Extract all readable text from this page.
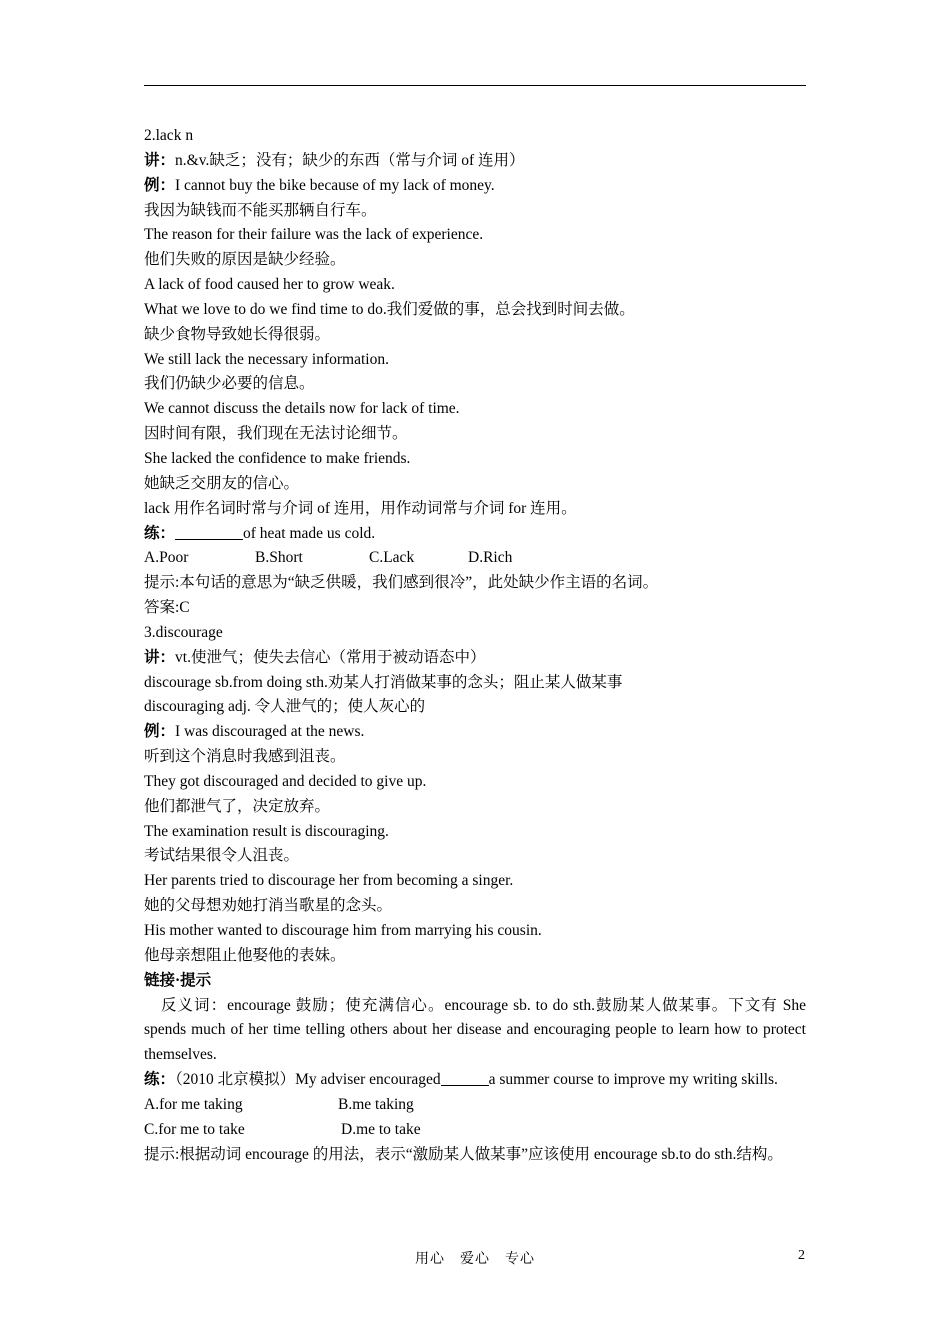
2.lack n
讲：n.&v.缺乏；没有；缺少的东西（常与介词 of 连用）
例：I cannot buy the bike because of my lack of money.
我因为缺钱而不能买那辆自行车。
The reason for their failure was the lack of experience.
他们失败的原因是缺少经验。
A lack of food caused her to grow weak.
What we love to do we find time to do.我们爱做的事，总会找到时间去做。
缺少食物导致她长得很弱。
We still lack the necessary information.
我们仍缺少必要的信息。
We cannot discuss the details now for lack of time.
因时间有限，我们现在无法讨论细节。
She lacked the confidence to make friends.
她缺乏交朋友的信心。
lack 用作名词时常与介词 of 连用，用作动词常与介词 for 连用。
练：	of heat made us cold.
A.Poor	B.Short	C.Lack	D.Rich
提示:本句话的意思为“缺乏供暖，我们感到很冷”，此处缺少作主语的名词。
答案:C
3.discourage
讲：vt.使泄气；使失去信心（常用于被动语态中）
discourage sb.from doing sth.劝某人打消做某事的念头；阻止某人做某事
discouraging adj. 令人泄气的；使人灰心的
例：I was discouraged at the news.
听到这个消息时我感到沮丧。
They got discouraged and decided to give up.
他们都泄气了，决定放弃。
The examination result is discouraging.
考试结果很令人沮丧。
Her parents tried to discourage her from becoming a singer.
她的父母想劝她打消当歌星的念头。
His mother wanted to discourage him from marrying his cousin.
他母亲想阻止他娶他的表妹。
链接·提示
反义词：encourage 鼓励；使充满信心。encourage sb. to do sth.鼓励某人做某事。下文有 She spends much of her time telling others about her disease and encouraging people to learn how to protect themselves.
练：（2010 北京模拟）My adviser encouraged	a summer course to improve my writing skills.
A.for me taking	B.me taking
C.for me to take	D.me to take
提示:根据动词 encourage 的用法，表示“激励某人做某事”应该使用 encourage sb.to do sth.结构。
用心　爱心　专心	2
